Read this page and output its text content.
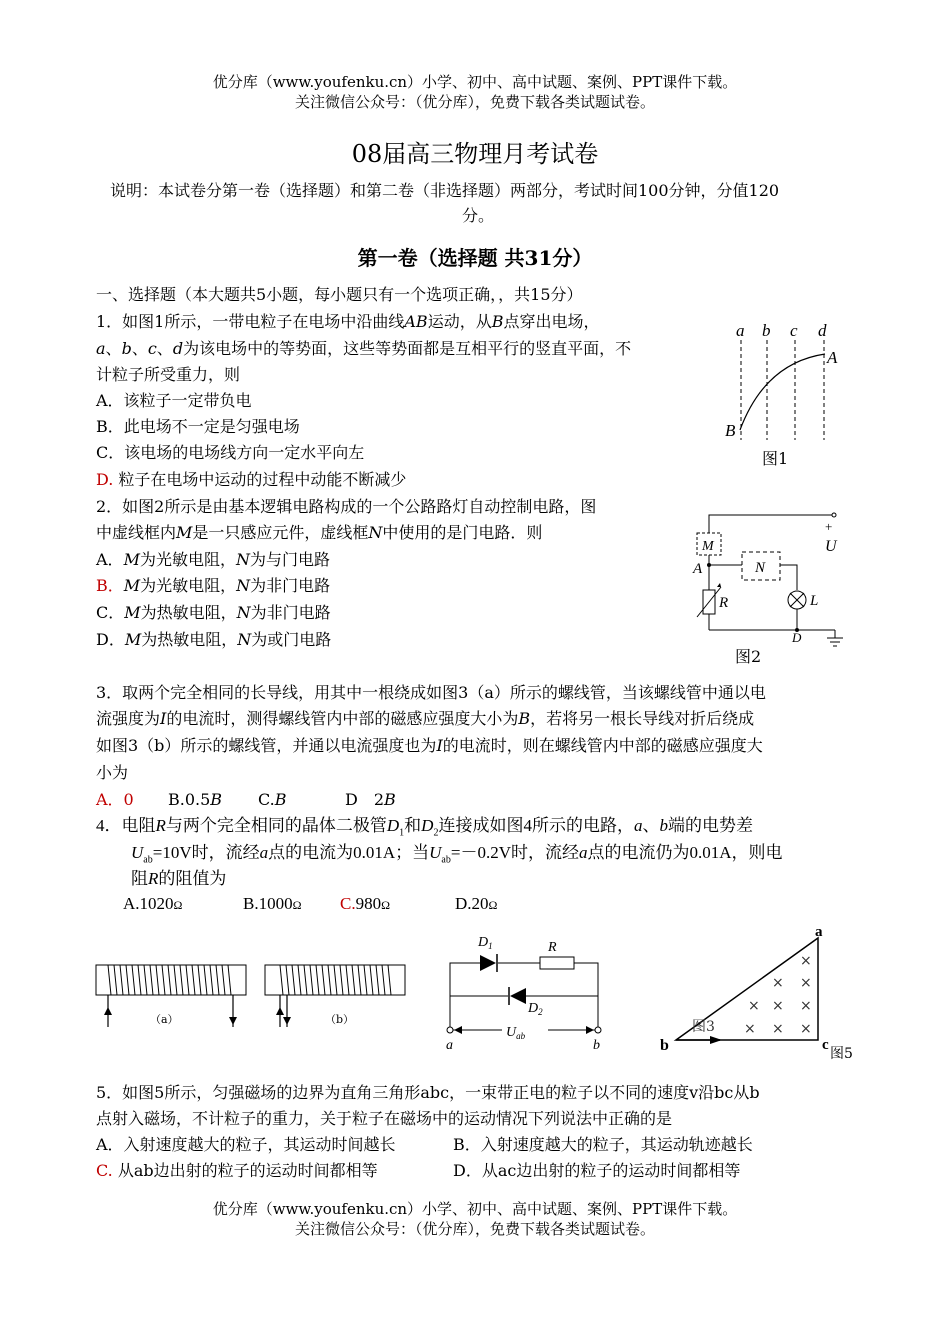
优分库（www.youfenku.cn）小学、初中、高中试题、案例、PPT课件下载。
关注微信公众号：（优分库），免费下载各类试题试卷。
08届高三物理月考试卷
说明：本试卷分第一卷（选择题）和第二卷（非选择题）两部分，考试时间100分钟，分值120
分。
第一卷（选择题 共31分）
一、选择题（本大题共5小题，每小题只有一个选项正确，，共15分）
1．如图1所示，一带电粒子在电场中沿曲线AB运动，从B点穿出电场，
a、b、c、d为该电场中的等势面，这些等势面都是互相平行的竖直平面，不
计粒子所受重力，则
A．该粒子一定带负电
B．此电场不一定是匀强电场
C．该电场的电场线方向一定水平向左
D. 粒子在电场中运动的过程中动能不断减少
a b c d
A
B
图1
2．如图2所示是由基本逻辑电路构成的一个公路路灯自动控制电路，图
中虚线框内M是一只感应元件，虚线框N中使用的是门电路．则
A．M为光敏电阻，N为与门电路
B．M为光敏电阻，N为非门电路
C．M为热敏电阻，N为非门电路
D．M为热敏电阻，N为或门电路
M
N
A
R	L
D
+
U
图2
3．取两个完全相同的长导线，用其中一根绕成如图3（a）所示的螺线管，当该螺线管中通以电
流强度为I的电流时，测得螺线管内中部的磁感应强度大小为B，若将另一根长导线对折后绕成
如图3（b）所示的螺线管，并通以电流强度也为I的电流时，则在螺线管内中部的磁感应强度大
小为
A．0 B.0.5B C.B	D　2B
4．电阻R与两个完全相同的晶体二极管$D_1$和$D_2$连接成如图4所示的电路，a、b端的电势差
$U_{ab}=10V$时，流经a点的电流为0.01A；当$U_{ab}=-0.2V$时，流经a点的电流仍为0.01A，则电
阻R的阻值为
A.1020Ω	B.1000Ω C.980Ω	D.20Ω
（a）	（b）
$D_1$	R
$D_2$
$U_{ab}$
a	b
a
b	c
图3
图5
×
× ×
× × ×
× × ×
5．如图5所示，匀强磁场的边界为直角三角形abc，一束带正电的粒子以不同的速度v沿bc从b
点射入磁场，不计粒子的重力，关于粒子在磁场中的运动情况下列说法中正确的是
A．入射速度越大的粒子，其运动时间越长	B．入射速度越大的粒子，其运动轨迹越长
C. 从ab边出射的粒子的运动时间都相等	D．从ac边出射的粒子的运动时间都相等
优分库（www.youfenku.cn）小学、初中、高中试题、案例、PPT课件下载。
关注微信公众号：（优分库），免费下载各类试题试卷。
